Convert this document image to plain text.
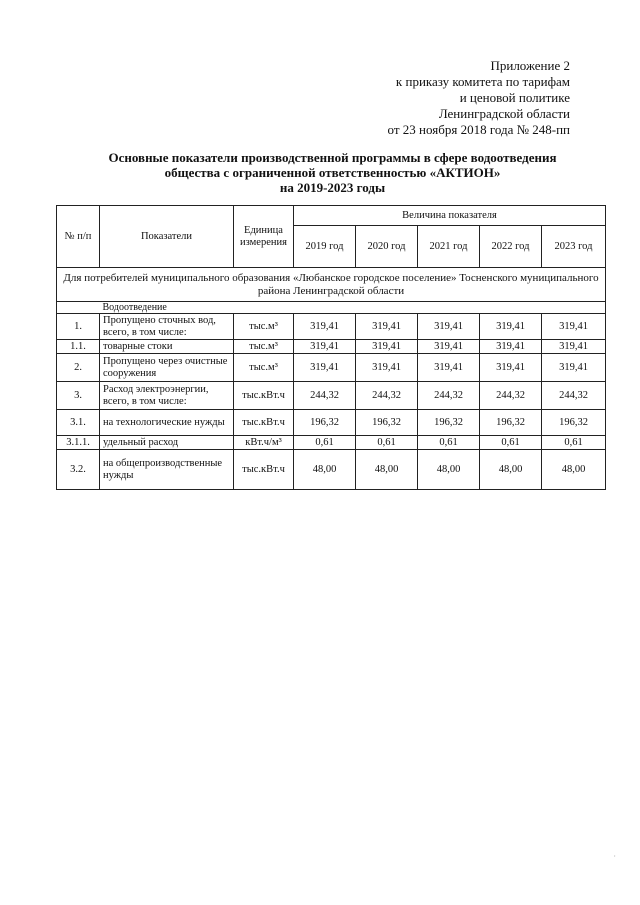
Приложение 2
к приказу комитета по тарифам
и ценовой политике
Ленинградской области
от 23 ноября 2018 года № 248-пп
Основные показатели производственной программы в сфере водоотведения
общества с ограниченной ответственностью «АКТИОН»
на 2019-2023 годы
№ п/п	Показатели	Единица измерения	Величина показателя				
			2019 год	2020 год	2021 год	2022 год	2023 год
Для потребителей муниципального образования «Любанское городское поселение» Тосненского муниципального района Ленинградской области							
	Водоотведение						
1.	Пропущено сточных вод, всего, в том числе:	тыс.м³	319,41	319,41	319,41	319,41	319,41
1.1.	товарные стоки	тыс.м³	319,41	319,41	319,41	319,41	319,41
2.	Пропущено через очистные сооружения	тыс.м³	319,41	319,41	319,41	319,41	319,41
3.	Расход электроэнергии, всего, в том числе:	тыс.кВт.ч	244,32	244,32	244,32	244,32	244,32
3.1.	на технологические нужды	тыс.кВт.ч	196,32	196,32	196,32	196,32	196,32
3.1.1.	удельный расход	кВт.ч/м³	0,61	0,61	0,61	0,61	0,61
3.2.	на общепроизводственные нужды	тыс.кВт.ч	48,00	48,00	48,00	48,00	48,00
·
